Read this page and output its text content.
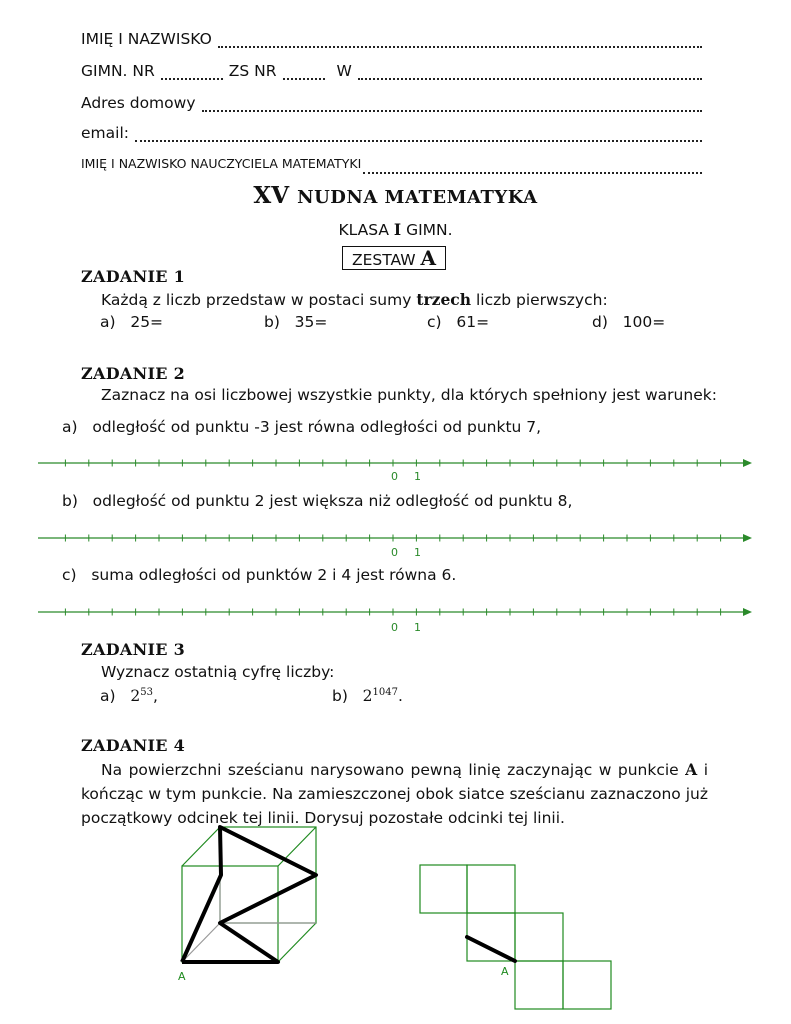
IMIĘ I NAZWISKO
GIMN. NR	ZS NR	W
Adres domowy
email:
IMIĘ I NAZWISKO NAUCZYCIELA MATEMATYKI
XV NUDNA MATEMATYKA
KLASA I GIMN.
ZESTAW A
ZADANIE 1
Każdą z liczb przedstaw w postaci sumy trzech liczb pierwszych:
a) 25=	b) 35=	c) 61=	d) 100=
ZADANIE 2
Zaznacz na osi liczbowej wszystkie punkty, dla których spełniony jest warunek:
a) odległość od punktu -3 jest równa odległości od punktu 7,
b) odległość od punktu 2 jest większa niż odległość od punktu 8,
c) suma odległości od punktów 2 i 4 jest równa 6.
0 1
0 1
0 1
A	A
ZADANIE 3
Wyznacz ostatnią cyfrę liczby:
a) $2^{53}$,	b) $2^{1047}$.
ZADANIE 4
Na powierzchni sześcianu narysowano pewną linię zaczynając w punkcie A i kończąc w tym punkcie. Na zamieszczonej obok siatce sześcianu zaznaczono już początkowy odcinek tej linii. Dorysuj pozostałe odcinki tej linii.
